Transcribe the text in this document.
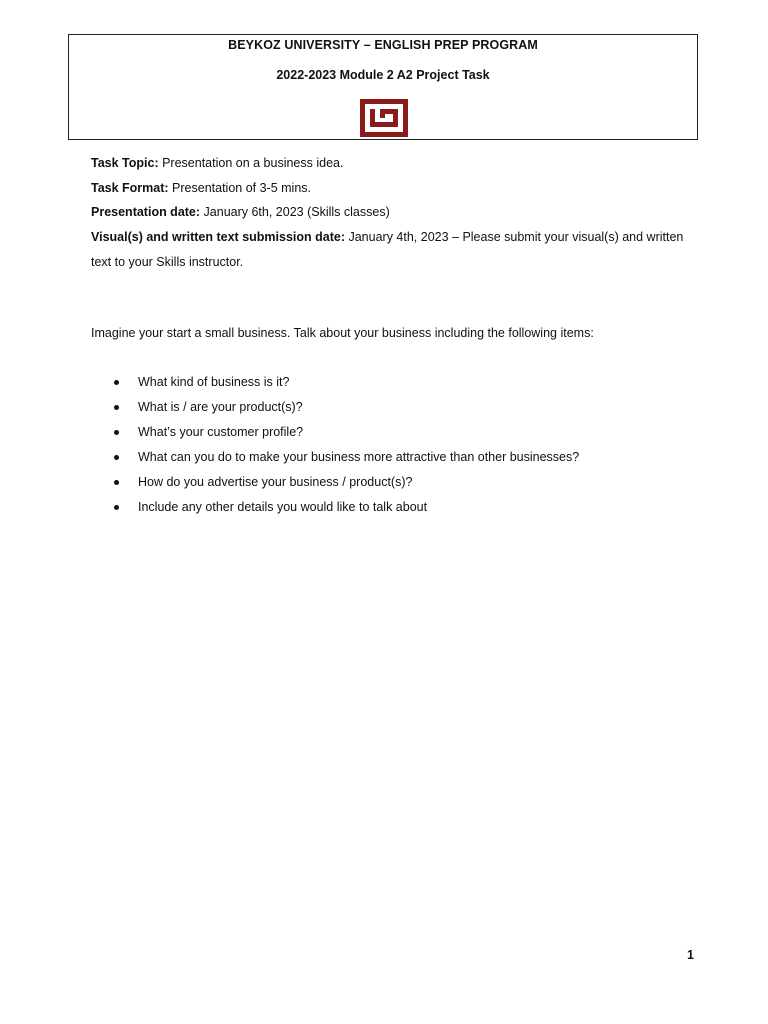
BEYKOZ UNIVERSITY – ENGLISH PREP PROGRAM
2022-2023 Module 2 A2 Project Task
Task Topic: Presentation on a business idea.
Task Format: Presentation of 3-5 mins.
Presentation date: January 6th, 2023 (Skills classes)
Visual(s) and written text submission date: January 4th, 2023 – Please submit your visual(s) and written
text to your Skills instructor.
Imagine your start a small business. Talk about your business including the following items:
What kind of business is it?
What is / are your product(s)?
What’s your customer profile?
What can you do to make your business more attractive than other businesses?
How do you advertise your business / product(s)?
Include any other details you would like to talk about
1
